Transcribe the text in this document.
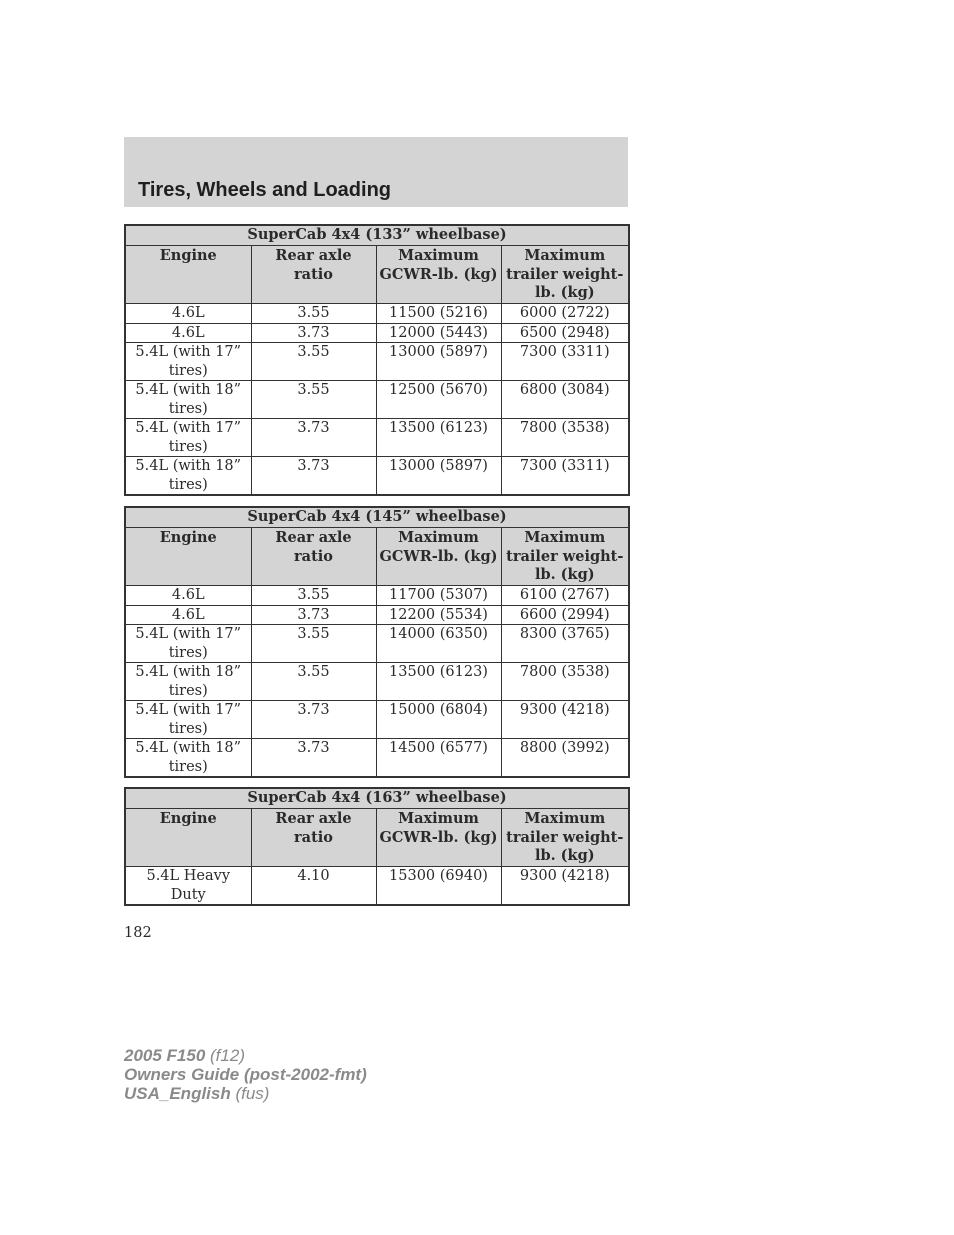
Tires, Wheels and Loading
SuperCab 4x4 (133” wheelbase)			
Engine	Rear axle ratio	Maximum GCWR-lb. (kg)	Maximum trailer weight-lb. (kg)
4.6L	3.55	11500 (5216)	6000 (2722)
4.6L	3.73	12000 (5443)	6500 (2948)
5.4L (with 17” tires)	3.55	13000 (5897)	7300 (3311)
5.4L (with 18” tires)	3.55	12500 (5670)	6800 (3084)
5.4L (with 17” tires)	3.73	13500 (6123)	7800 (3538)
5.4L (with 18” tires)	3.73	13000 (5897)	7300 (3311)
SuperCab 4x4 (145” wheelbase)			
Engine	Rear axle ratio	Maximum GCWR-lb. (kg)	Maximum trailer weight-lb. (kg)
4.6L	3.55	11700 (5307)	6100 (2767)
4.6L	3.73	12200 (5534)	6600 (2994)
5.4L (with 17” tires)	3.55	14000 (6350)	8300 (3765)
5.4L (with 18” tires)	3.55	13500 (6123)	7800 (3538)
5.4L (with 17” tires)	3.73	15000 (6804)	9300 (4218)
5.4L (with 18” tires)	3.73	14500 (6577)	8800 (3992)
SuperCab 4x4 (163” wheelbase)			
Engine	Rear axle ratio	Maximum GCWR-lb. (kg)	Maximum trailer weight-lb. (kg)
5.4L Heavy Duty	4.10	15300 (6940)	9300 (4218)
182
2005 F150 (f12)
Owners Guide (post-2002-fmt)
USA_English (fus)
